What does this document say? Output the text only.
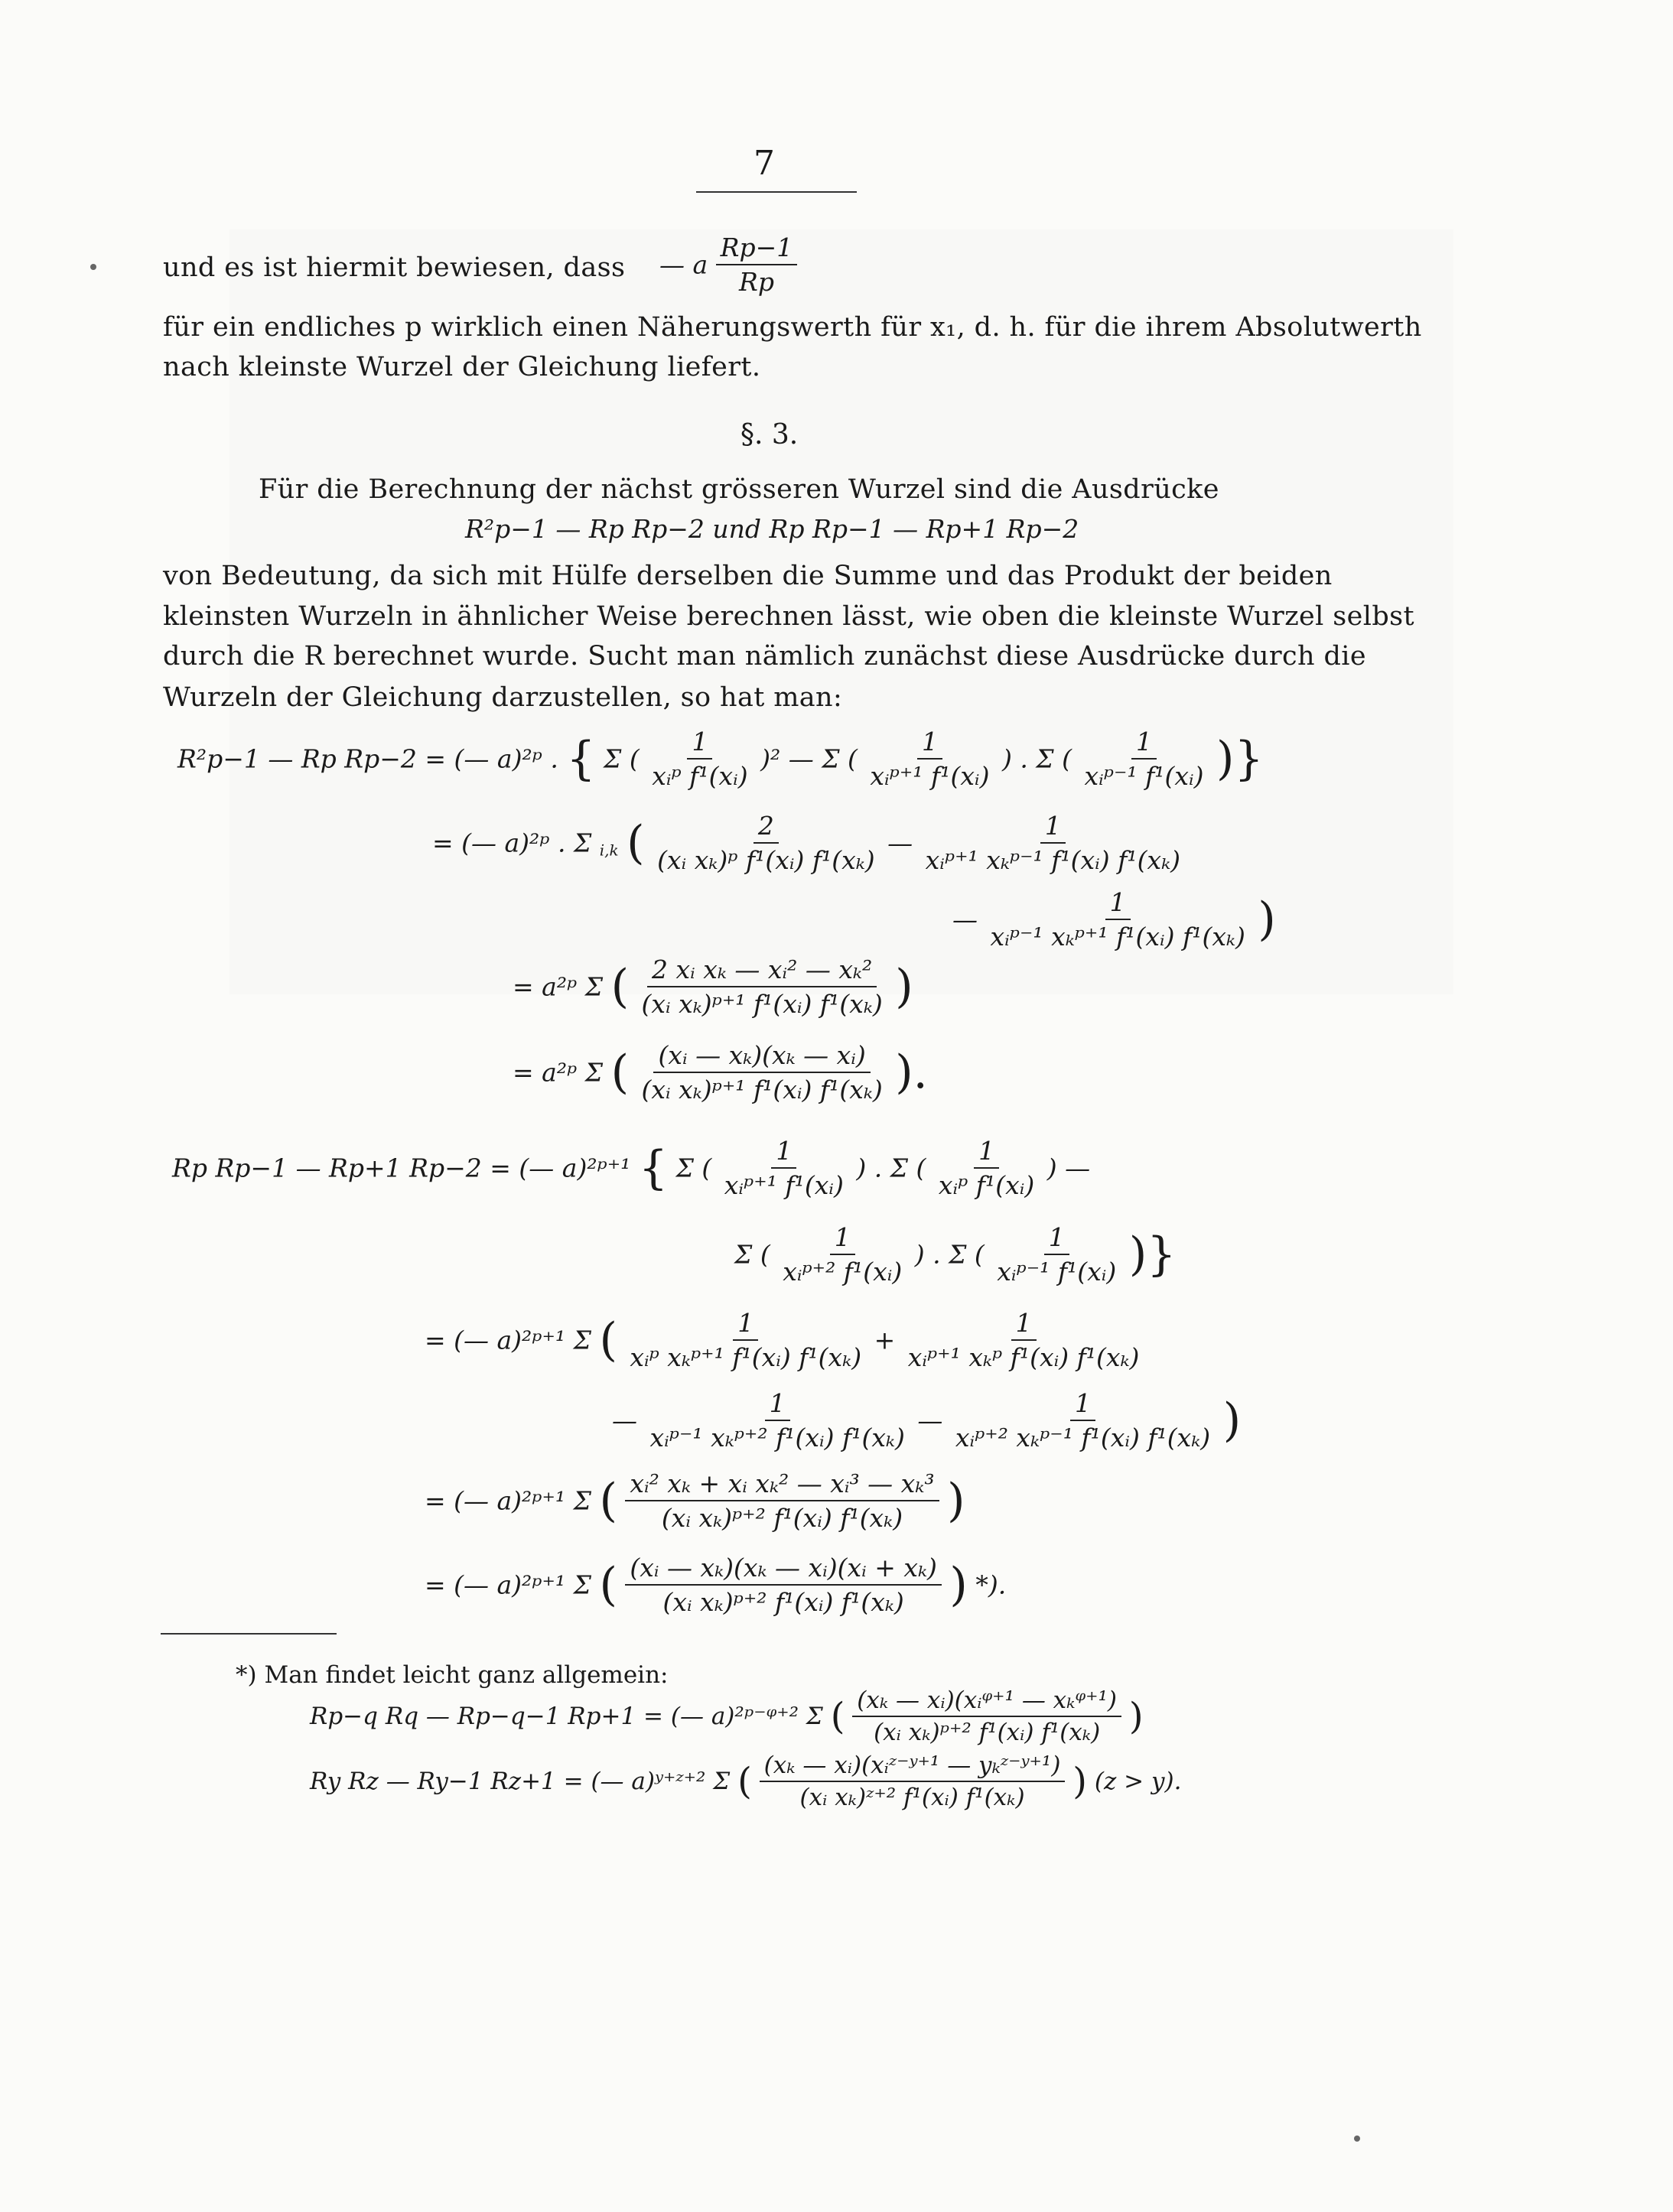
7
und es ist hiermit bewiesen, dass — a $\frac{Rp-1}{Rp}$
für ein endliches p wirklich einen Näherungswerth für x₁, d. h. für die ihrem Absolutwerth
nach kleinste Wurzel der Gleichung liefert.
§. 3.
Für die Berechnung der nächst grösseren Wurzel sind die Ausdrücke
R²p−1 — Rp Rp−2 und Rp Rp−1 — Rp+1 Rp−2
von Bedeutung, da sich mit Hülfe derselben die Summe und das Produkt der beiden
kleinsten Wurzeln in ähnlicher Weise berechnen lässt, wie oben die kleinste Wurzel selbst
durch die R berechnet wurde. Sucht man nämlich zunächst diese Ausdrücke durch die
Wurzeln der Gleichung darzustellen, so hat man:
R²p−1 — Rp Rp−2 = (— a)²ᵖ . { Σ ( $\frac{1}{\text{xᵢᵖ f¹(xᵢ)}} )^2$ — Σ ( $\frac{1}{\text{xᵢᵖ⁺¹ f¹(xᵢ)}}$ ) . Σ ( $\frac{1}{\text{xᵢᵖ⁻¹ f¹(xᵢ)}}$ )}
= (— a)²ᵖ . Σ $_{i,k}$ ( $\frac{2}{\text{(xᵢ xₖ)ᵖ f¹(xᵢ) f¹(xₖ)}}$ — $\frac{1}{\text{xᵢᵖ⁺¹ xₖᵖ⁻¹ f¹(xᵢ) f¹(xₖ)}}$
— $\frac{1}{\text{xᵢᵖ⁻¹ xₖᵖ⁺¹ f¹(xᵢ) f¹(xₖ)}}$ )
= a²ᵖ Σ ( $\frac{\text{2 xᵢ xₖ — xᵢ² — xₖ²}}{\text{(xᵢ xₖ)ᵖ⁺¹ f¹(xᵢ) f¹(xₖ)}}$ )
= a²ᵖ Σ ( $\frac{\text{(xᵢ — xₖ)(xₖ — xᵢ)}}{\text{(xᵢ xₖ)ᵖ⁺¹ f¹(xᵢ) f¹(xₖ)}}$ ).
Rp Rp−1 — Rp+1 Rp−2 = (— a)²ᵖ⁺¹ { Σ ( $\frac{1}{\text{xᵢᵖ⁺¹ f¹(xᵢ)}}$ ) . Σ ( $\frac{1}{\text{xᵢᵖ f¹(xᵢ)}}$ ) —
Σ ( $\frac{1}{\text{xᵢᵖ⁺² f¹(xᵢ)}}$ ) . Σ ( $\frac{1}{\text{xᵢᵖ⁻¹ f¹(xᵢ)}}$ )}
= (— a)²ᵖ⁺¹ Σ ( $\frac{1}{\text{xᵢᵖ xₖᵖ⁺¹ f¹(xᵢ) f¹(xₖ)}} + \frac{1}{\text{xᵢᵖ⁺¹ xₖᵖ f¹(xᵢ) f¹(xₖ)}}$
— $\frac{1}{\text{xᵢᵖ⁻¹ xₖᵖ⁺² f¹(xᵢ) f¹(xₖ)}}$ — $\frac{1}{\text{xᵢᵖ⁺² xₖᵖ⁻¹ f¹(xᵢ) f¹(xₖ)}}$ )
= (— a)²ᵖ⁺¹ Σ ( $\frac{\text{xᵢ² xₖ + xᵢ xₖ² — xᵢ³ — xₖ³}}{\text{(xᵢ xₖ)ᵖ⁺² f¹(xᵢ) f¹(xₖ)}}$ )
= (— a)²ᵖ⁺¹ Σ ( $\frac{\text{(xᵢ — xₖ)(xₖ — xᵢ)(xᵢ + xₖ)}}{\text{(xᵢ xₖ)ᵖ⁺² f¹(xᵢ) f¹(xₖ)}}$ ) *).
*) Man findet leicht ganz allgemein:
Rp−q Rq — Rp−q−1 Rp+1 = (— a)²ᵖ⁻ᵠ⁺² Σ ( $\frac{\text{(xₖ — xᵢ)(xᵢᵠ⁺¹ — xₖᵠ⁺¹)}}{\text{(xᵢ xₖ)ᵖ⁺² f¹(xᵢ) f¹(xₖ)}}$ )
Ry Rz — Ry−1 Rz+1 = (— a)ʸ⁺ᶻ⁺² Σ ( $\frac{\text{(xₖ — xᵢ)(xᵢᶻ⁻ʸ⁺¹ — yₖᶻ⁻ʸ⁺¹)}}{\text{(xᵢ xₖ)ᶻ⁺² f¹(xᵢ) f¹(xₖ)}}$ ) (z > y).
